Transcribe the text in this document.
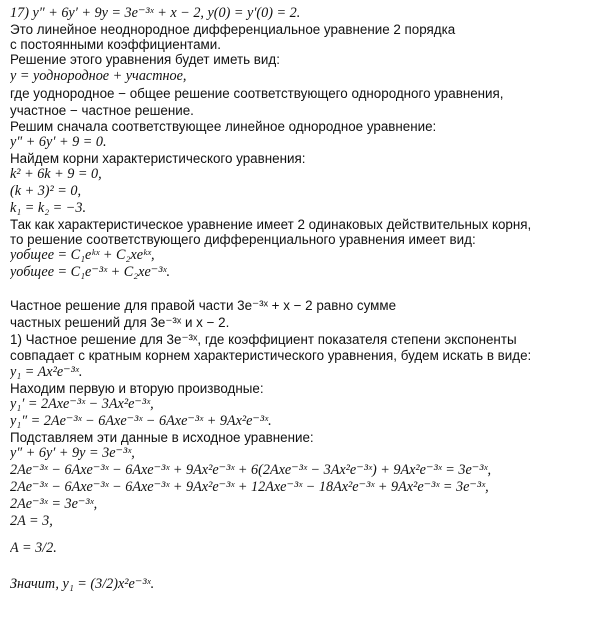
17) y″ + 6y′ + 9y = 3e⁻³ˣ + x − 2, y(0) = y′(0) = 2.
Это линейное неоднородное дифференциальное уравнение 2 порядка
с постоянными коэффициентами.
Решение этого уравнения будет иметь вид:
y = yоднородное + yчастное,
где yоднородное − общее решение соответствующего однородного уравнения,
yчастное − частное решение.
Решим сначала соответствующее линейное однородное уравнение:
y" + 6y′ + 9 = 0.
Найдем корни характеристического уравнения:
k² + 6k + 9 = 0,
(k + 3)² = 0,
k₁ = k₂ = −3.
Так как характеристическое уравнение имеет 2 одинаковых действительных корня,
то решение соответствующего дифференциального уравнения имеет вид:
yобщее = C₁eᵏˣ + C₂xeᵏˣ,
yобщее = C₁e⁻³ˣ + C₂xe⁻³ˣ.
Частное решение для правой части 3e⁻³ˣ + x − 2 равно сумме
частных решений для 3e⁻³ˣ и x − 2.
1) Частное решение для 3e⁻³ˣ, где коэффициент показателя степени экспоненты
совпадает с кратным корнем характеристического уравнения, будем искать в виде:
y₁ = Ax²e⁻³ˣ.
Находим первую и вторую производные:
y₁′ = 2Axe⁻³ˣ − 3Ax²e⁻³ˣ,
y₁″ = 2Ae⁻³ˣ − 6Axe⁻³ˣ − 6Axe⁻³ˣ + 9Ax²e⁻³ˣ.
Подставляем эти данные в исходное уравнение:
y″ + 6y′ + 9y = 3e⁻³ˣ,
2Ae⁻³ˣ − 6Axe⁻³ˣ − 6Axe⁻³ˣ + 9Ax²e⁻³ˣ + 6(2Axe⁻³ˣ − 3Ax²e⁻³ˣ) + 9Ax²e⁻³ˣ = 3e⁻³ˣ,
2Ae⁻³ˣ − 6Axe⁻³ˣ − 6Axe⁻³ˣ + 9Ax²e⁻³ˣ + 12Axe⁻³ˣ − 18Ax²e⁻³ˣ + 9Ax²e⁻³ˣ = 3e⁻³ˣ,
2Ae⁻³ˣ = 3e⁻³ˣ,
2A = 3,
A = 3/2.
Значит, y₁ = (3/2)x²e⁻³ˣ.
